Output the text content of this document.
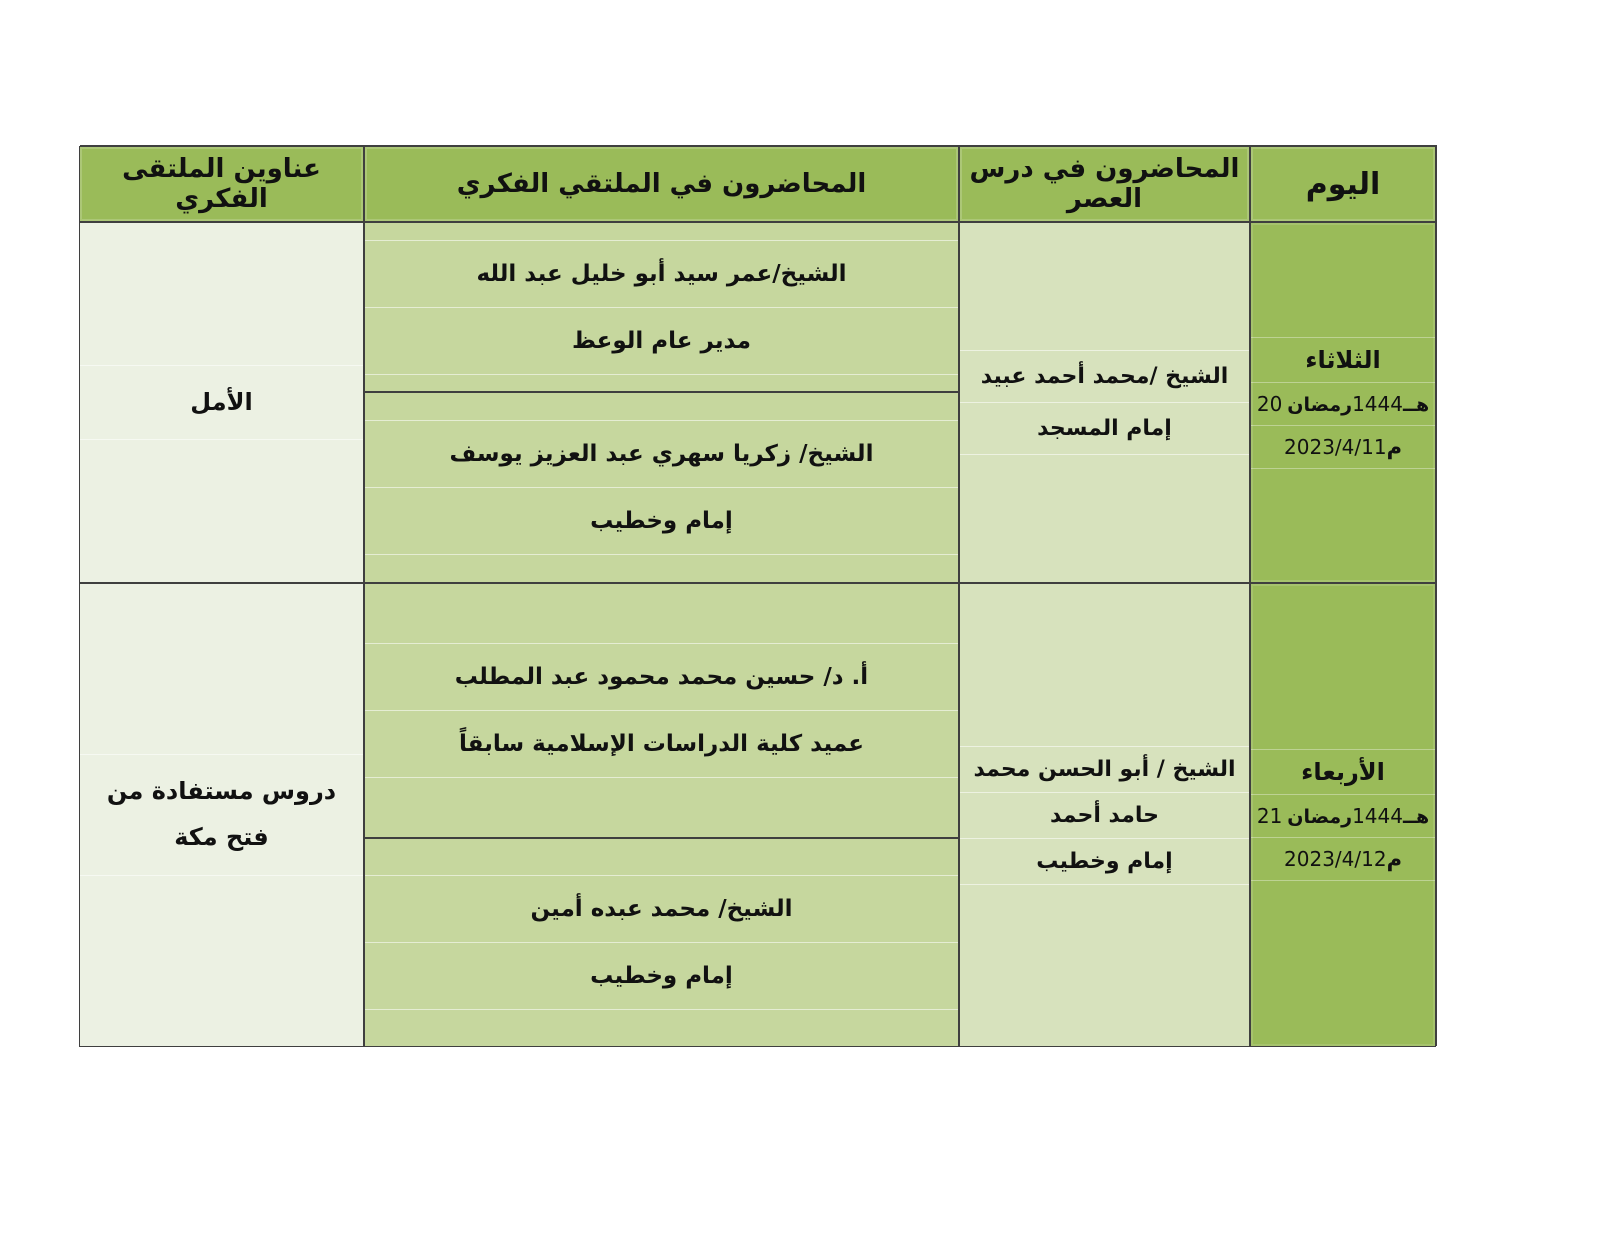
اليوم
المحاضرون في درس العصر
المحاضرون في الملتقي الفكري
عناوين الملتقى الفكري
الثلاثاء
20 رمضان1444هــ
2023/4/11م
الشيخ /محمد أحمد عبيد
إمام المسجد
الشيخ/عمر سيد أبو خليل عبد الله
مدير عام الوعظ
الشيخ/ زكريا سهري عبد العزيز يوسف
إمام وخطيب
الأمل
الأربعاء
21 رمضان1444هــ
2023/4/12م
الشيخ / أبو الحسن محمد
حامد أحمد
إمام وخطيب
أ. د/ حسين محمد محمود عبد المطلب
عميد كلية الدراسات الإسلامية سابقاً
الشيخ/ محمد عبده أمين
إمام وخطيب
دروس مستفادة من فتح مكة
